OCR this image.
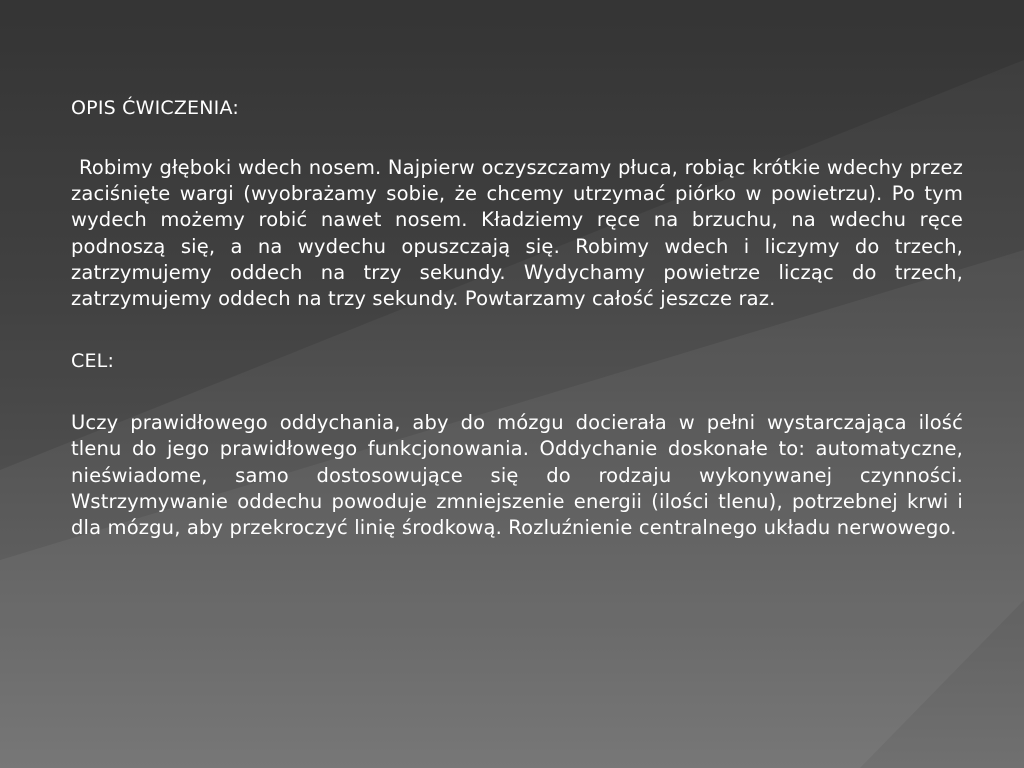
OPIS ĆWICZENIA:

Robimy głęboki wdech nosem. Najpierw oczyszczamy płuca, robiąc krótkie wdechy przez zaciśnięte wargi (wyobrażamy sobie, że chcemy utrzymać piórko w powietrzu). Po tym wydech możemy robić nawet nosem. Kładziemy ręce na brzuchu, na wdechu ręce podnoszą się, a na wydechu opuszczają się. Robimy wdech i liczymy do trzech, zatrzymujemy oddech na trzy sekundy. Wydychamy powietrze licząc do trzech, zatrzymujemy oddech na trzy sekundy. Powtarzamy całość jeszcze raz.

CEL:

Uczy prawidłowego oddychania, aby do mózgu docierała w pełni wystarczająca ilość tlenu do jego prawidłowego funkcjonowania. Oddychanie doskonałe to: automatyczne, nieświadome, samo dostosowujące się do rodzaju wykonywanej czynności. Wstrzymywanie oddechu powoduje zmniejszenie energii (ilości tlenu), potrzebnej krwi i dla mózgu, aby przekroczyć linię środkową. Rozluźnienie centralnego układu nerwowego.
